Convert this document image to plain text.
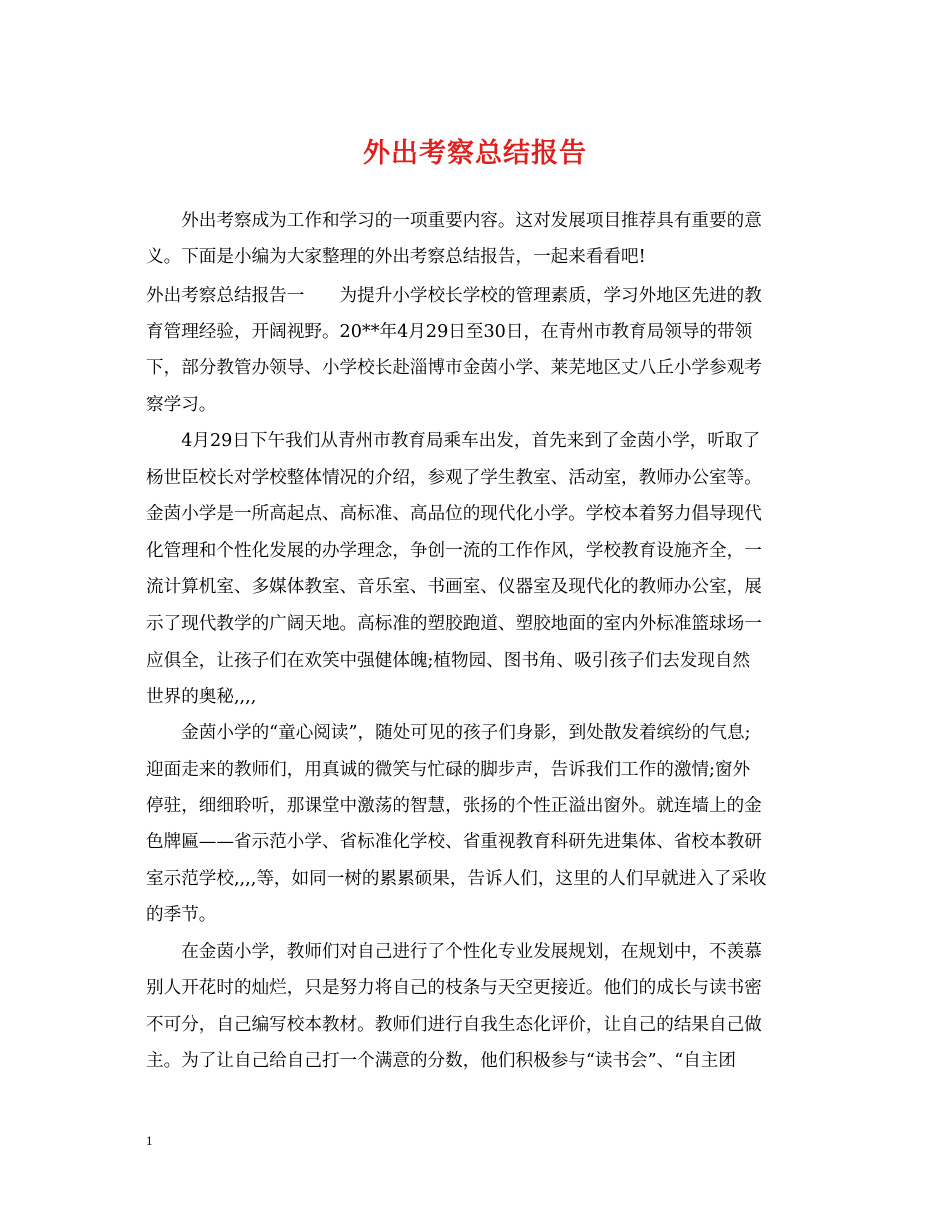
外出考察总结报告
　　外出考察成为工作和学习的一项重要内容。这对发展项目推荐具有重要的意
义。下面是小编为大家整理的外出考察总结报告，一起来看看吧!
外出考察总结报告一　　为提升小学校长学校的管理素质，学习外地区先进的教
育管理经验，开阔视野。20**年4月29日至30日，在青州市教育局领导的带领
下，部分教管办领导、小学校长赴淄博市金茵小学、莱芜地区丈八丘小学参观考
察学习。
　　4月29日下午我们从青州市教育局乘车出发，首先来到了金茵小学，听取了
杨世臣校长对学校整体情况的介绍，参观了学生教室、活动室，教师办公室等。
金茵小学是一所高起点、高标准、高品位的现代化小学。学校本着努力倡导现代
化管理和个性化发展的办学理念，争创一流的工作作风，学校教育设施齐全，一
流计算机室、多媒体教室、音乐室、书画室、仪器室及现代化的教师办公室，展
示了现代教学的广阔天地。高标准的塑胶跑道、塑胶地面的室内外标准篮球场一
应俱全，让孩子们在欢笑中强健体魄;植物园、图书角、吸引孩子们去发现自然
世界的奥秘,,,,
　　金茵小学的“童心阅读”，随处可见的孩子们身影，到处散发着缤纷的气息;
迎面走来的教师们，用真诚的微笑与忙碌的脚步声，告诉我们工作的激情;窗外
停驻，细细聆听，那课堂中激荡的智慧，张扬的个性正溢出窗外。就连墙上的金
色牌匾——省示范小学、省标准化学校、省重视教育科研先进集体、省校本教研
室示范学校,,,,等，如同一树的累累硕果，告诉人们，这里的人们早就进入了采收
的季节。
　　在金茵小学，教师们对自己进行了个性化专业发展规划，在规划中，不羡慕
别人开花时的灿烂，只是努力将自己的枝条与天空更接近。他们的成长与读书密
不可分，自己编写校本教材。教师们进行自我生态化评价，让自己的结果自己做
主。为了让自己给自己打一个满意的分数，他们积极参与“读书会”、“自主团
1
